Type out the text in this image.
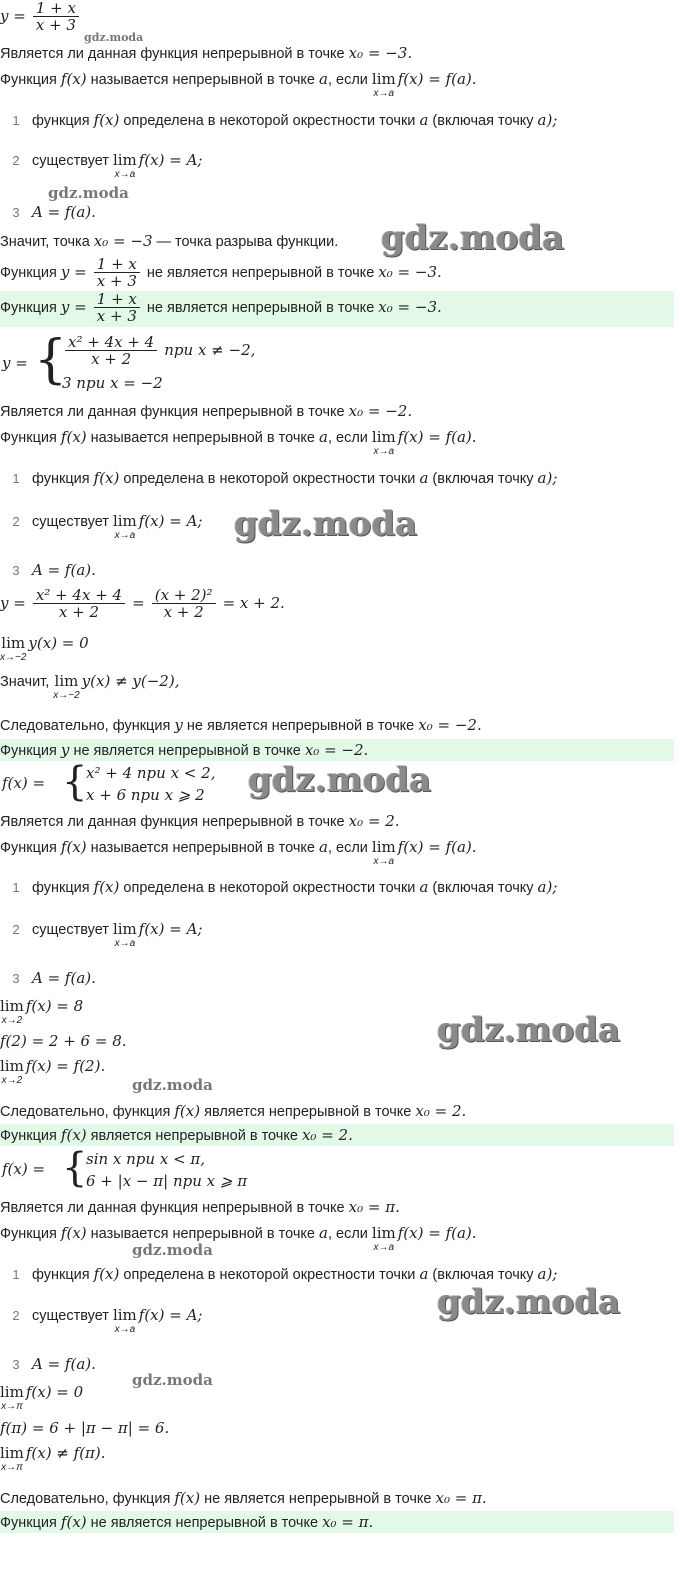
$y = \frac{1 + x}{x + 3}$
gdz.moda
Является ли данная функция непрерывной в точке x₀ = −3.
Функция f(x) называется непрерывной в точке a, если lim
x→a
f(x) = f(a).
1 функция f(x) определена в некоторой окрестности точки a (включая точку a);
2 существует lim
x→a
f(x) = A;
gdz.moda
3 A = f(a).
Значит, точка x₀ = −3 — точка разрыва функции. gdz.moda
Функция $y = \frac{1 + x}{x + 3}$ не является непрерывной в точке x₀ = −3.
Функция $y = \frac{1 + x}{x + 3}$ не является непрерывной в точке x₀ = −3.
y = {
$\frac{\text{x² + 4x + 4}}{x + 2}$ при x ≠ −2,
3 при x = −2
Является ли данная функция непрерывной в точке x₀ = −2.
Функция f(x) называется непрерывной в точке a, если lim
x→a
f(x) = f(a).
1 функция f(x) определена в некоторой окрестности точки a (включая точку a);
2 существует lim
x→a
f(x) = A; gdz.moda
3 A = f(a).
$y = \frac{\text{x² + 4x + 4}}{x + 2} = \frac{\text{(x + 2)²}}{x + 2} = x + 2$.
lim
x→−2
y(x) = 0
Значит, lim
x→−2
y(x) ≠ y(−2),
Следовательно, функция y не является непрерывной в точке x₀ = −2.
Функция y не является непрерывной в точке x₀ = −2.
f(x) = {
x² + 4 при x < 2,
x + 6 при x ⩾ 2 gdz.moda
Является ли данная функция непрерывной в точке x₀ = 2.
Функция f(x) называется непрерывной в точке a, если lim
x→a
f(x) = f(a).
1 функция f(x) определена в некоторой окрестности точки a (включая точку a);
2 существует lim
x→a
f(x) = A;
3 A = f(a).
lim
x→2
f(x) = 8
gdz.moda
f(2) = 2 + 6 = 8.
lim
x→2
f(x) = f(2).
gdz.moda
Следовательно, функция f(x) является непрерывной в точке x₀ = 2.
Функция f(x) является непрерывной в точке x₀ = 2.
f(x) = {
sin x при x < π,
6 + |x − π| при x ⩾ π
Является ли данная функция непрерывной в точке x₀ = π.
Функция f(x) называется непрерывной в точке a, если lim
x→a
f(x) = f(a).
gdz.moda
1 функция f(x) определена в некоторой окрестности точки a (включая точку a);
2 существует lim
x→a
f(x) = A;	gdz.moda
3 A = f(a).
lim
x→π
f(x) = 0
gdz.moda
f(π) = 6 + |π − π| = 6.
lim
x→π
f(x) ≠ f(π).
Следовательно, функция f(x) не является непрерывной в точке x₀ = π.
Функция f(x) не является непрерывной в точке x₀ = π.
